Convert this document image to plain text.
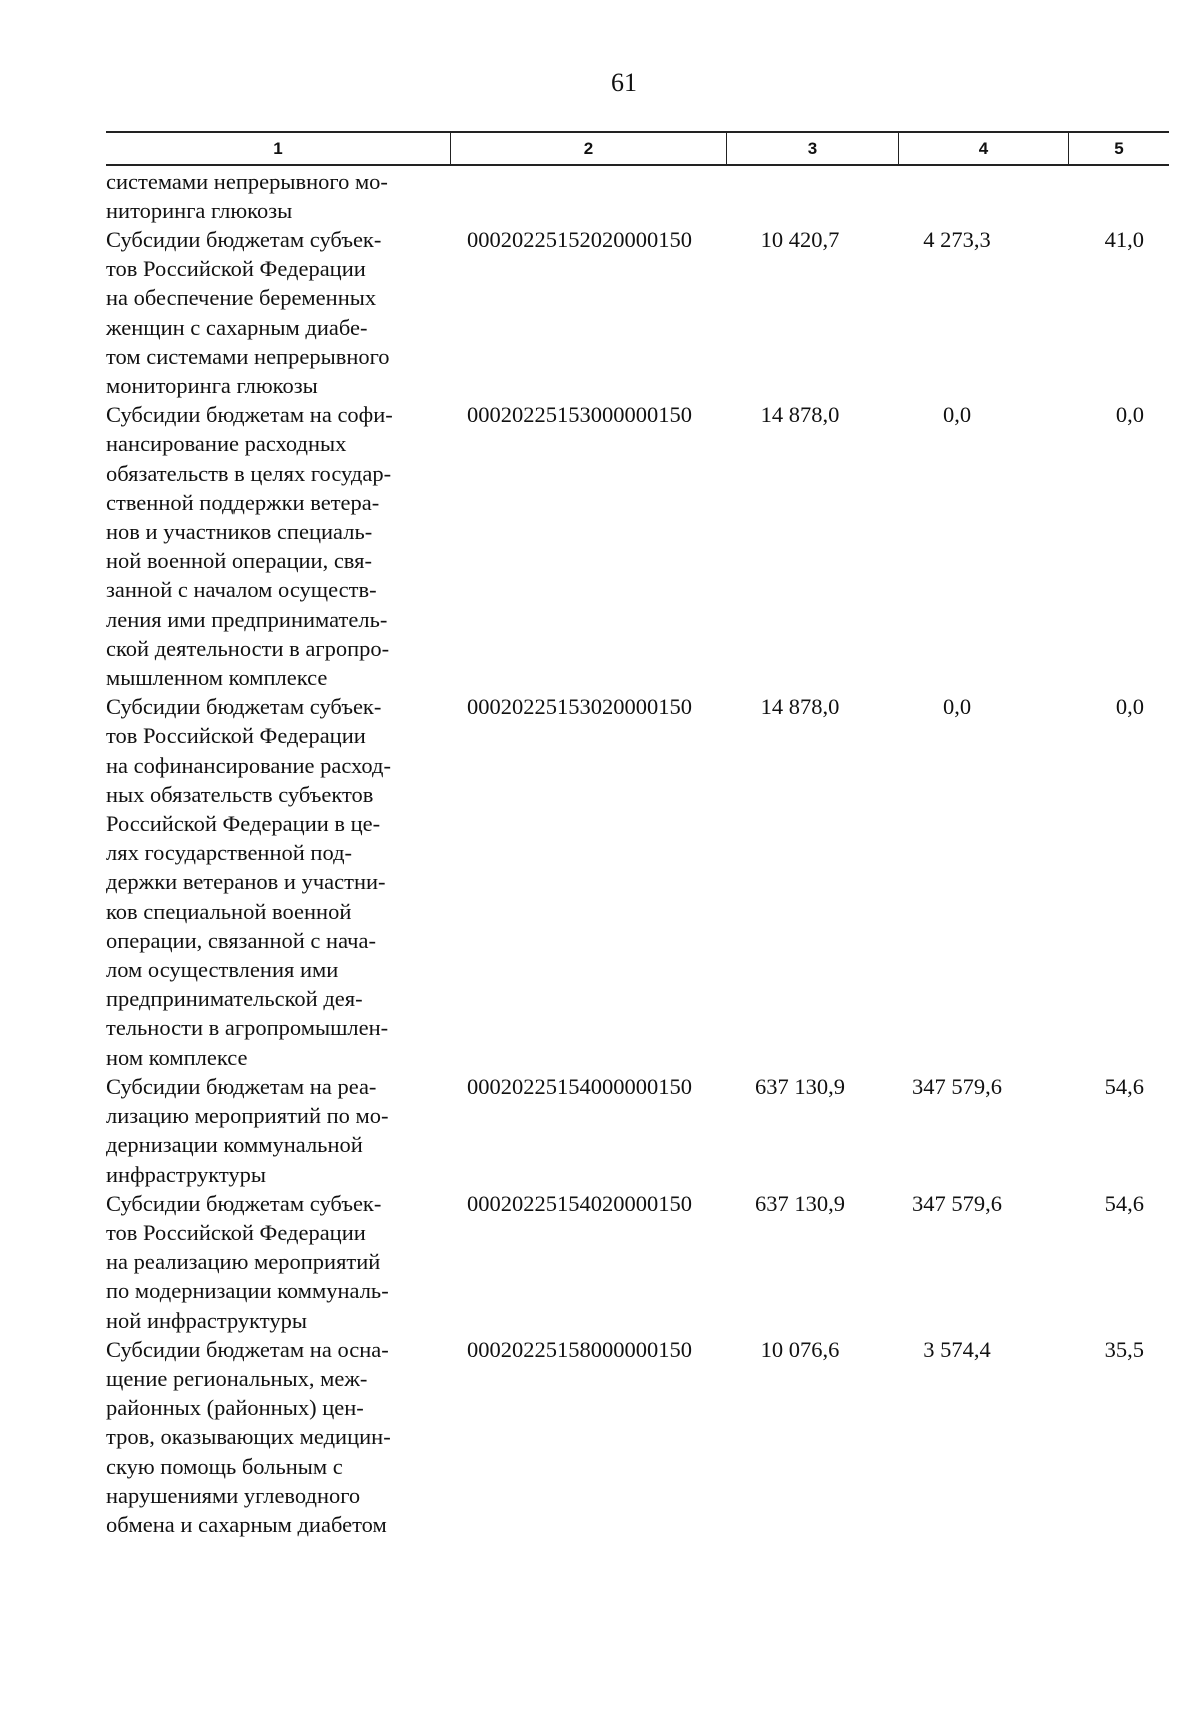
61
1	2	3	4	5
системами непрерывного мо-
ниторинга глюкозы
Субсидии бюджетам субъек-
тов Российской Федерации
на обеспечение беременных
женщин с сахарным диабе-
том системами непрерывного
мониторинга глюкозы
00020225152020000150	10 420,7	4 273,3	41,0
Субсидии бюджетам на софи-
нансирование расходных
обязательств в целях государ-
ственной поддержки ветера-
нов и участников специаль-
ной военной операции, свя-
занной с началом осуществ-
ления ими предприниматель-
ской деятельности в агропро-
мышленном комплексе
00020225153000000150	14 878,0	0,0	0,0
Субсидии бюджетам субъек-
тов Российской Федерации
на софинансирование расход-
ных обязательств субъектов
Российской Федерации в це-
лях государственной под-
держки ветеранов и участни-
ков специальной военной
операции, связанной с нача-
лом осуществления ими
предпринимательской дея-
тельности в агропромышлен-
ном комплексе
00020225153020000150	14 878,0	0,0	0,0
Субсидии бюджетам на реа-
лизацию мероприятий по мо-
дернизации коммунальной
инфраструктуры
00020225154000000150	637 130,9	347 579,6	54,6
Субсидии бюджетам субъек-
тов Российской Федерации
на реализацию мероприятий
по модернизации коммуналь-
ной инфраструктуры
00020225154020000150	637 130,9	347 579,6	54,6
Субсидии бюджетам на осна-
щение региональных, меж-
районных (районных) цен-
тров, оказывающих медицин-
скую помощь больным с
нарушениями углеводного
обмена и сахарным диабетом
00020225158000000150	10 076,6	3 574,4	35,5
